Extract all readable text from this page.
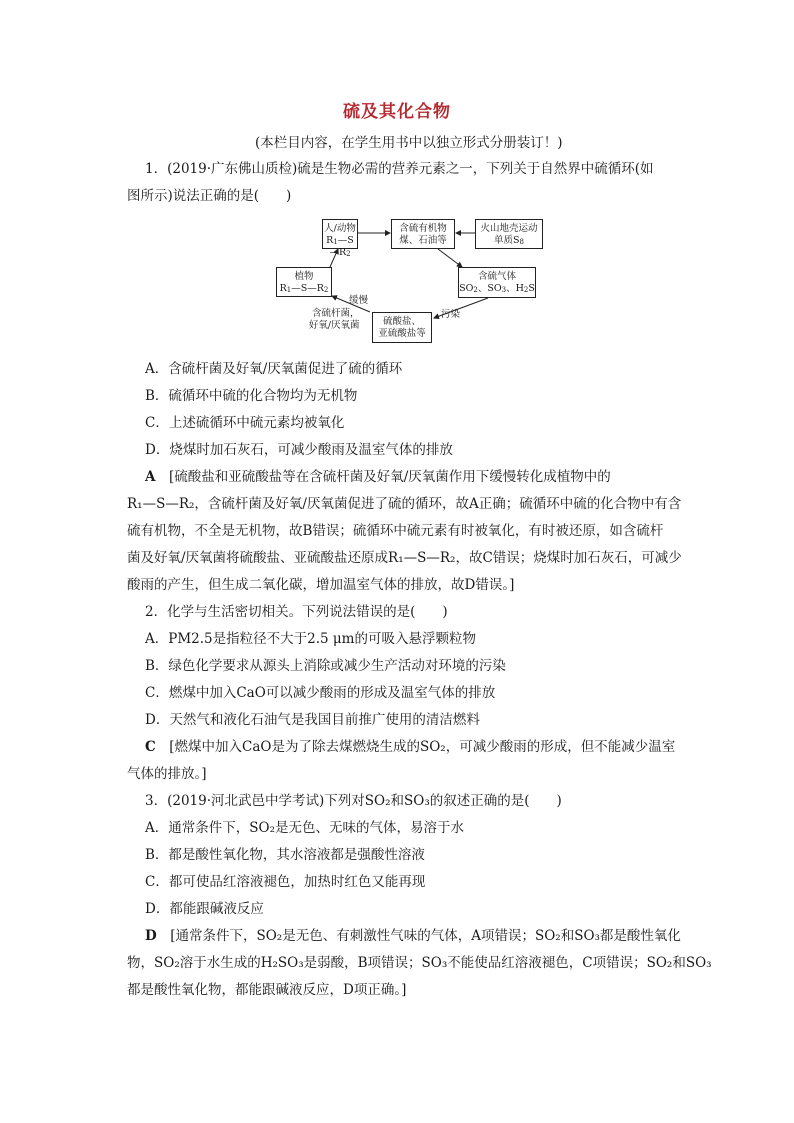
硫及其化合物
(本栏目内容，在学生用书中以独立形式分册装订！)
1．(2019·广东佛山质检)硫是生物必需的营养元素之一，下列关于自然界中硫循环(如
图所示)说法正确的是(　　)
人/动物
R1—S—R2
含硫有机物
煤、石油等
火山地壳运动
单质S8
植物
R1—S—R2
含硫气体
SO2、SO3、H2S
硫酸盐、
亚硫酸盐等
缓慢
含硫杆菌，
好氧/厌氧菌
污染
A．含硫杆菌及好氧/厌氧菌促进了硫的循环
B．硫循环中硫的化合物均为无机物
C．上述硫循环中硫元素均被氧化
D．烧煤时加石灰石，可减少酸雨及温室气体的排放
A　 [硫酸盐和亚硫酸盐等在含硫杆菌及好氧/厌氧菌作用下缓慢转化成植物中的
R₁—S—R₂，含硫杆菌及好氧/厌氧菌促进了硫的循环，故A正确；硫循环中硫的化合物中有含
硫有机物，不全是无机物，故B错误；硫循环中硫元素有时被氧化，有时被还原，如含硫杆
菌及好氧/厌氧菌将硫酸盐、亚硫酸盐还原成R₁—S—R₂，故C错误；烧煤时加石灰石，可减少
酸雨的产生，但生成二氧化碳，增加温室气体的排放，故D错误。]
2．化学与生活密切相关。下列说法错误的是(　　)
A．PM2.5是指粒径不大于2.5 μm的可吸入悬浮颗粒物
B．绿色化学要求从源头上消除或减少生产活动对环境的污染
C．燃煤中加入CaO可以减少酸雨的形成及温室气体的排放
D．天然气和液化石油气是我国目前推广使用的清洁燃料
C　 [燃煤中加入CaO是为了除去煤燃烧生成的SO₂，可减少酸雨的形成，但不能减少温室
气体的排放。]
3．(2019·河北武邑中学考试)下列对SO₂和SO₃的叙述正确的是(　　)
A．通常条件下，SO₂是无色、无味的气体，易溶于水
B．都是酸性氧化物，其水溶液都是强酸性溶液
C．都可使品红溶液褪色，加热时红色又能再现
D．都能跟碱液反应
D　 [通常条件下，SO₂是无色、有刺激性气味的气体，A项错误；SO₂和SO₃都是酸性氧化
物，SO₂溶于水生成的H₂SO₃是弱酸，B项错误；SO₃不能使品红溶液褪色，C项错误；SO₂和SO₃
都是酸性氧化物，都能跟碱液反应，D项正确。]
